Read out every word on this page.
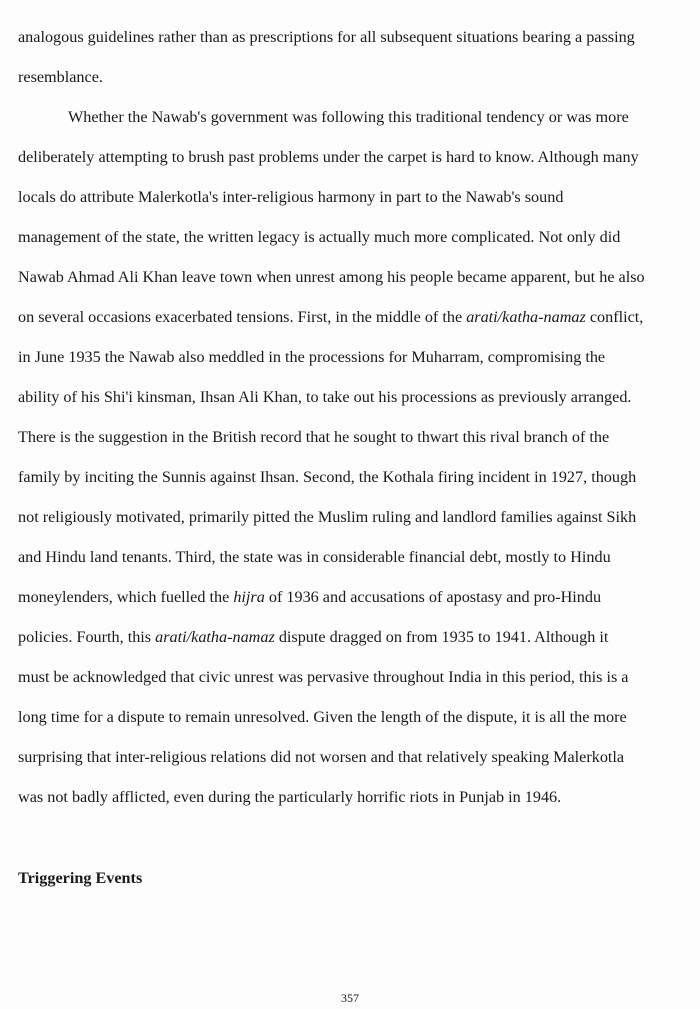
analogous guidelines rather than as prescriptions for all subsequent situations bearing a passing
resemblance.
Whether the Nawab's government was following this traditional tendency or was more
deliberately attempting to brush past problems under the carpet is hard to know. Although many
locals do attribute Malerkotla's inter-religious harmony in part to the Nawab's sound
management of the state, the written legacy is actually much more complicated. Not only did
Nawab Ahmad Ali Khan leave town when unrest among his people became apparent, but he also
on several occasions exacerbated tensions. First, in the middle of the arati/katha-namaz conflict,
in June 1935 the Nawab also meddled in the processions for Muharram, compromising the
ability of his Shi'i kinsman, Ihsan Ali Khan, to take out his processions as previously arranged.
There is the suggestion in the British record that he sought to thwart this rival branch of the
family by inciting the Sunnis against Ihsan. Second, the Kothala firing incident in 1927, though
not religiously motivated, primarily pitted the Muslim ruling and landlord families against Sikh
and Hindu land tenants. Third, the state was in considerable financial debt, mostly to Hindu
moneylenders, which fuelled the hijra of 1936 and accusations of apostasy and pro-Hindu
policies. Fourth, this arati/katha-namaz dispute dragged on from 1935 to 1941. Although it
must be acknowledged that civic unrest was pervasive throughout India in this period, this is a
long time for a dispute to remain unresolved. Given the length of the dispute, it is all the more
surprising that inter-religious relations did not worsen and that relatively speaking Malerkotla
was not badly afflicted, even during the particularly horrific riots in Punjab in 1946.
Triggering Events
357
